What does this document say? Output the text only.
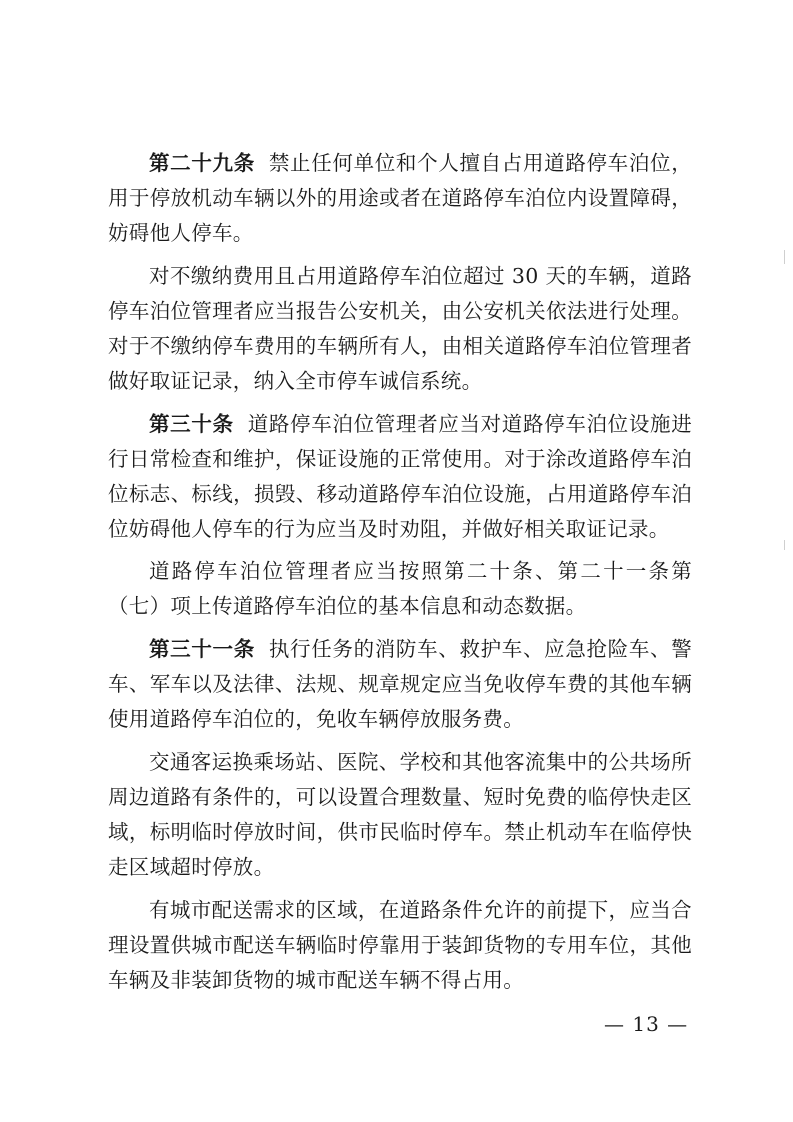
第二十九条 禁止任何单位和个人擅自占用道路停车泊位，用于停放机动车辆以外的用途或者在道路停车泊位内设置障碍，妨碍他人停车。

对不缴纳费用且占用道路停车泊位超过 30 天的车辆，道路停车泊位管理者应当报告公安机关，由公安机关依法进行处理。对于不缴纳停车费用的车辆所有人，由相关道路停车泊位管理者做好取证记录，纳入全市停车诚信系统。

第三十条 道路停车泊位管理者应当对道路停车泊位设施进行日常检查和维护，保证设施的正常使用。对于涂改道路停车泊位标志、标线，损毁、移动道路停车泊位设施，占用道路停车泊位妨碍他人停车的行为应当及时劝阻，并做好相关取证记录。

道路停车泊位管理者应当按照第二十条、第二十一条第（七）项上传道路停车泊位的基本信息和动态数据。

第三十一条 执行任务的消防车、救护车、应急抢险车、警车、军车以及法律、法规、规章规定应当免收停车费的其他车辆使用道路停车泊位的，免收车辆停放服务费。

交通客运换乘场站、医院、学校和其他客流集中的公共场所周边道路有条件的，可以设置合理数量、短时免费的临停快走区域，标明临时停放时间，供市民临时停车。禁止机动车在临停快走区域超时停放。

有城市配送需求的区域，在道路条件允许的前提下，应当合理设置供城市配送车辆临时停靠用于装卸货物的专用车位，其他车辆及非装卸货物的城市配送车辆不得占用。

— 13 —
